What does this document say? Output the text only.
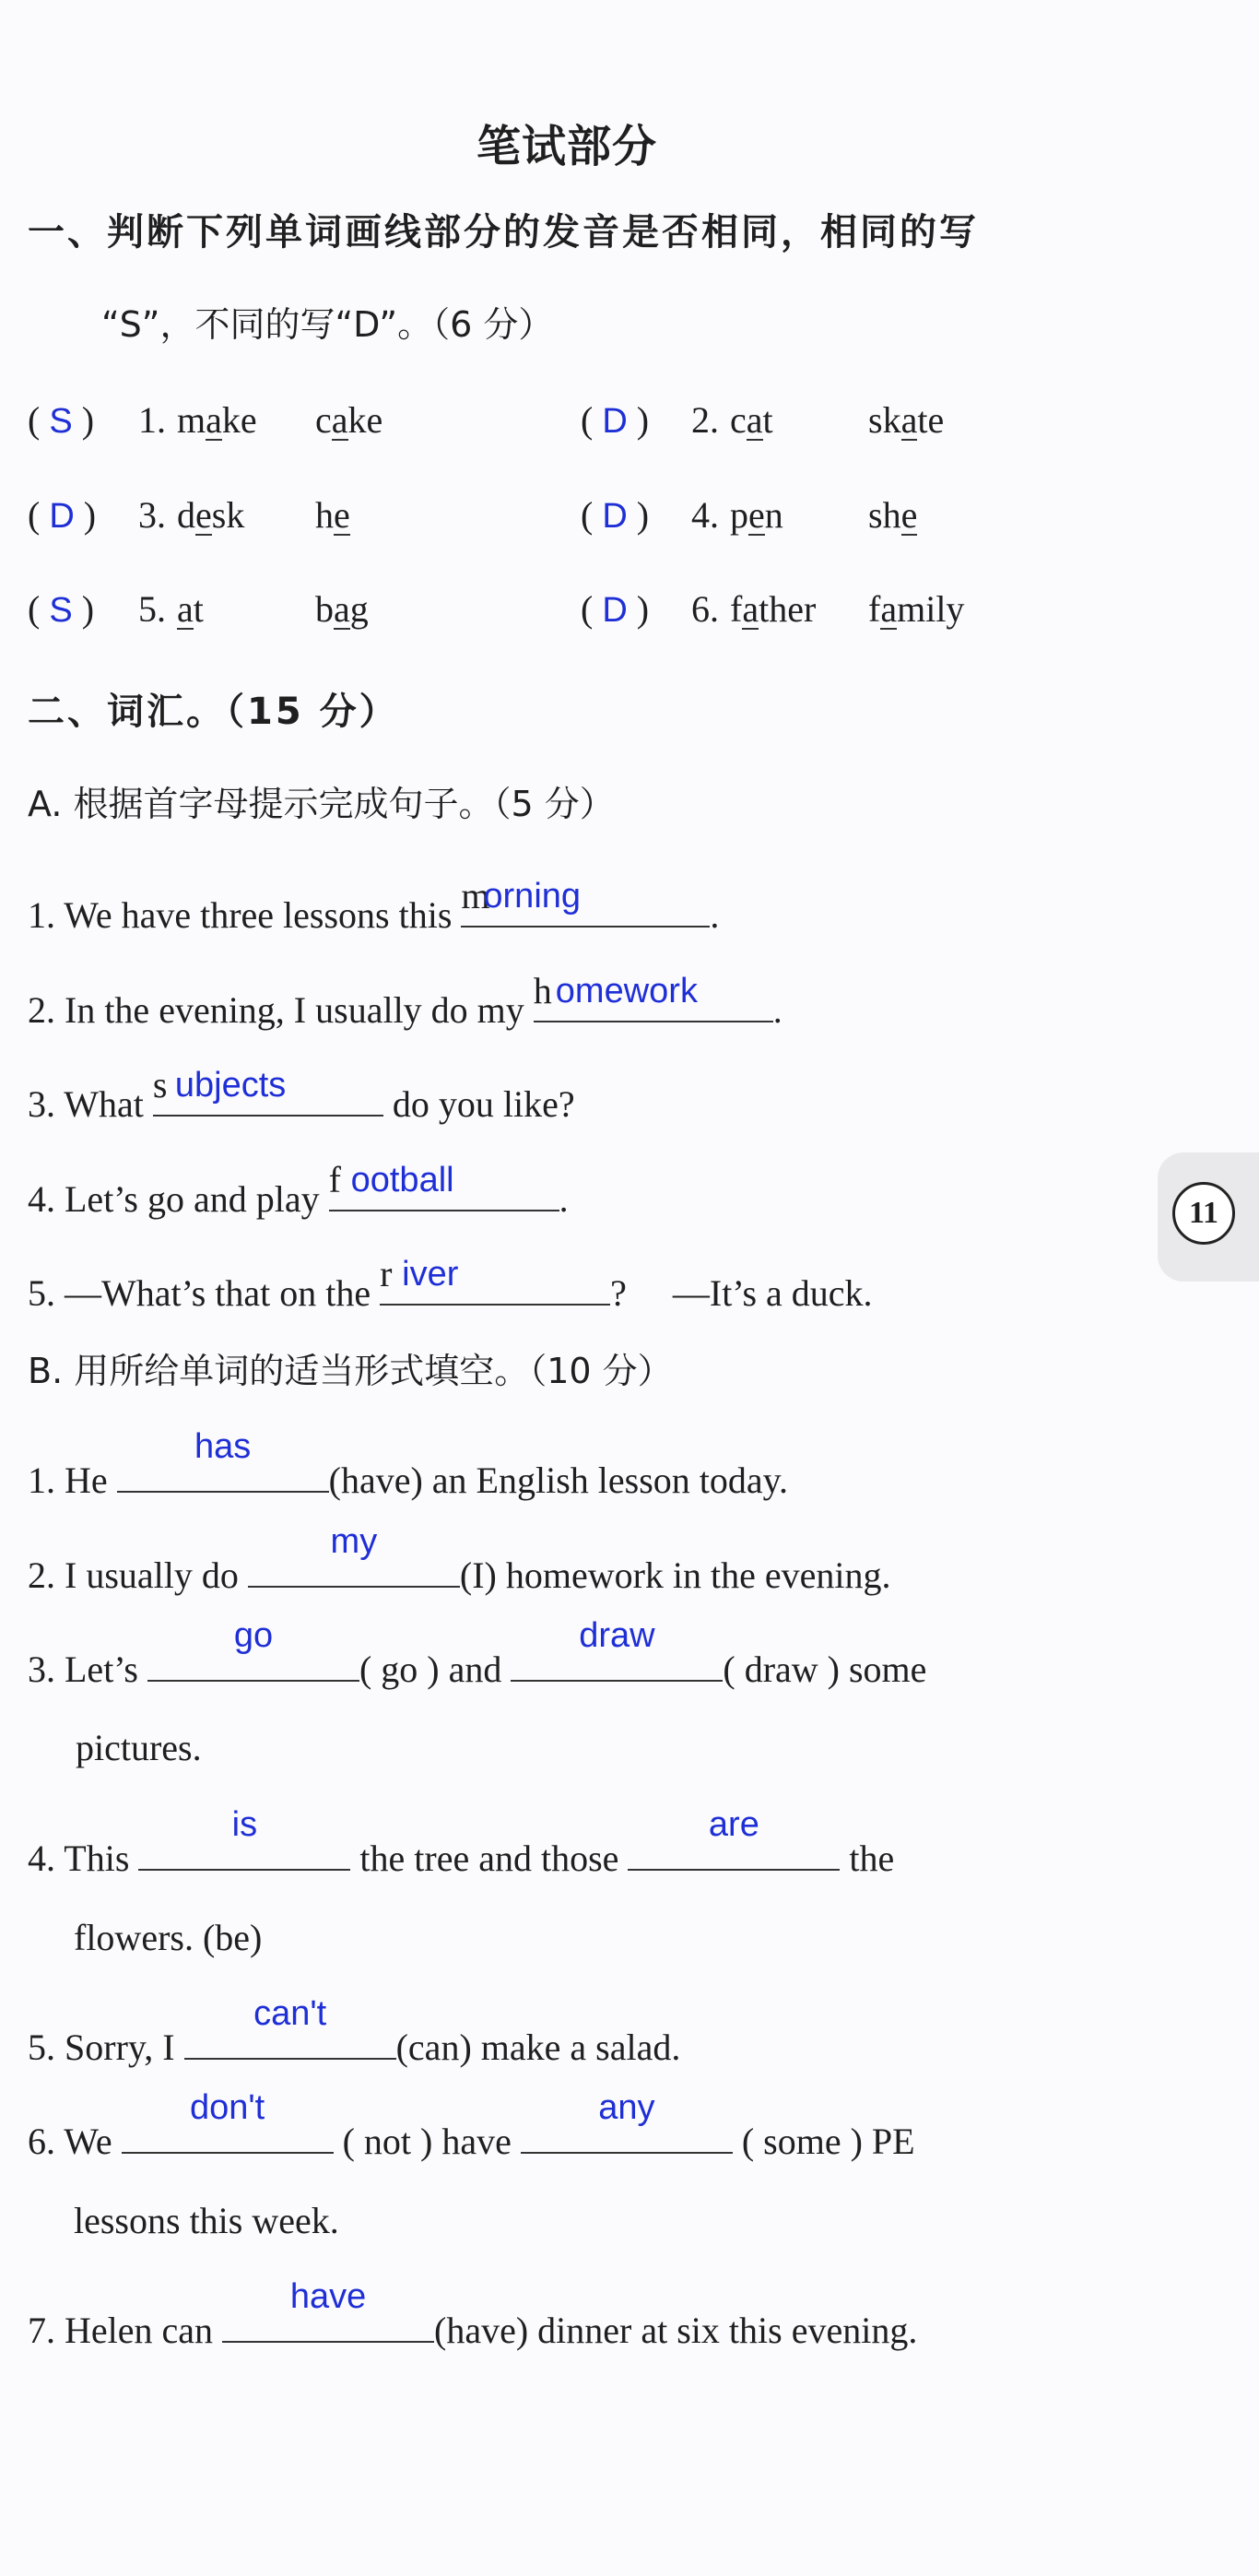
笔试部分
一、判断下列单词画线部分的发音是否相同，相同的写
“S”，不同的写“D”。（6 分）
( S ) 1. make cake	( D ) 2. cat	skate
( D ) 3. desk he	( D ) 4. pen she
( S ) 5. at	bag	( D ) 6. father family
二、词汇。（15 分）
A. 根据首字母提示完成句子。（5 分）
1. We have three lessons this m
orning	.
2. In the evening, I usually do my h omework	.
3. What s ubjects	do you like?
4. Let’s go and play f ootball	.
5. —What’s that on the r iver	?　 —It’s a duck.
B. 用所给单词的适当形式填空。（10 分）
1. He
has
(have) an English lesson today.
2. I usually do
my
(I) homework in the evening.
3. Let’s
go
( go ) and
draw
( draw ) some
pictures.
4. This
is
the tree and those
are
the
flowers. (be)
5. Sorry, I
can't
(can) make a salad.
6. We
don't
( not ) have
any
( some ) PE
lessons this week.
7. Helen can
have
(have) dinner at six this evening.
11
